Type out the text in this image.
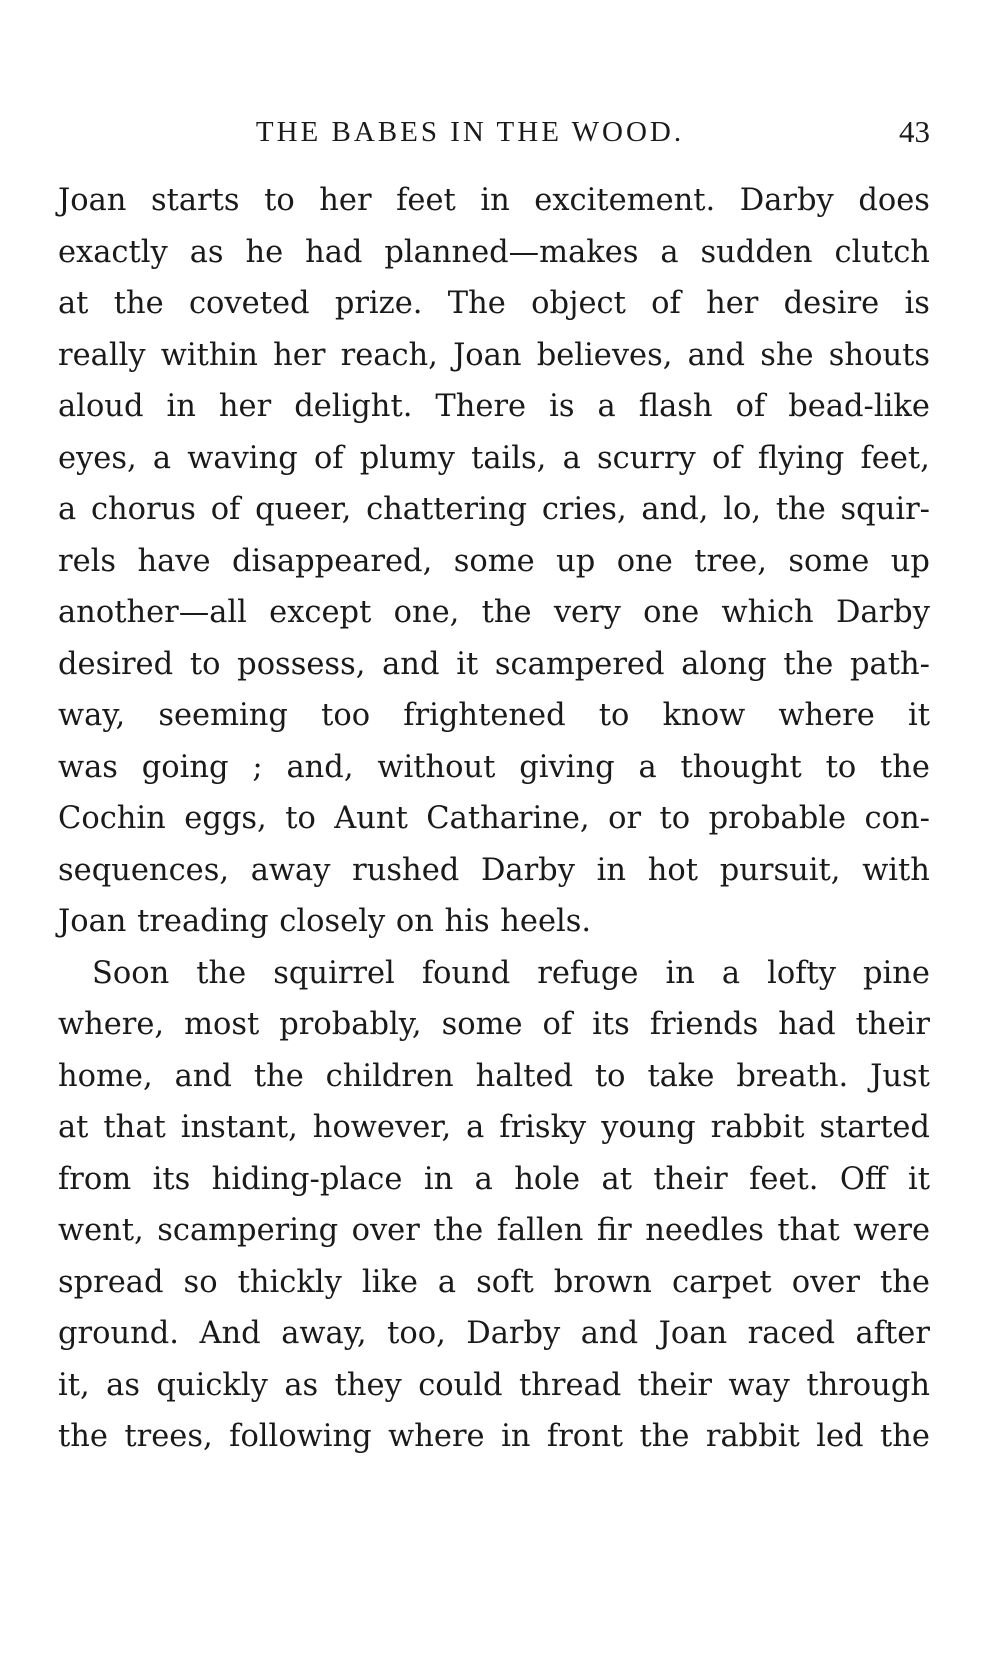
THE BABES IN THE WOOD.	43
Joan starts to her feet in excitement. Darby does
exactly as he had planned—makes a sudden clutch
at the coveted prize. The object of her desire is
really within her reach, Joan believes, and she shouts
aloud in her delight. There is a flash of bead-like
eyes, a waving of plumy tails, a scurry of flying feet,
a chorus of queer, chattering cries, and, lo, the squir-
rels have disappeared, some up one tree, some up
another—all except one, the very one which Darby
desired to possess, and it scampered along the path-
way, seeming too frightened to know where it
was going ; and, without giving a thought to the
Cochin eggs, to Aunt Catharine, or to probable con-
sequences, away rushed Darby in hot pursuit, with
Joan treading closely on his heels.
Soon the squirrel found refuge in a lofty pine
where, most probably, some of its friends had their
home, and the children halted to take breath. Just
at that instant, however, a frisky young rabbit started
from its hiding-place in a hole at their feet. Off it
went, scampering over the fallen fir needles that were
spread so thickly like a soft brown carpet over the
ground. And away, too, Darby and Joan raced after
it, as quickly as they could thread their way through
the trees, following where in front the rabbit led the
